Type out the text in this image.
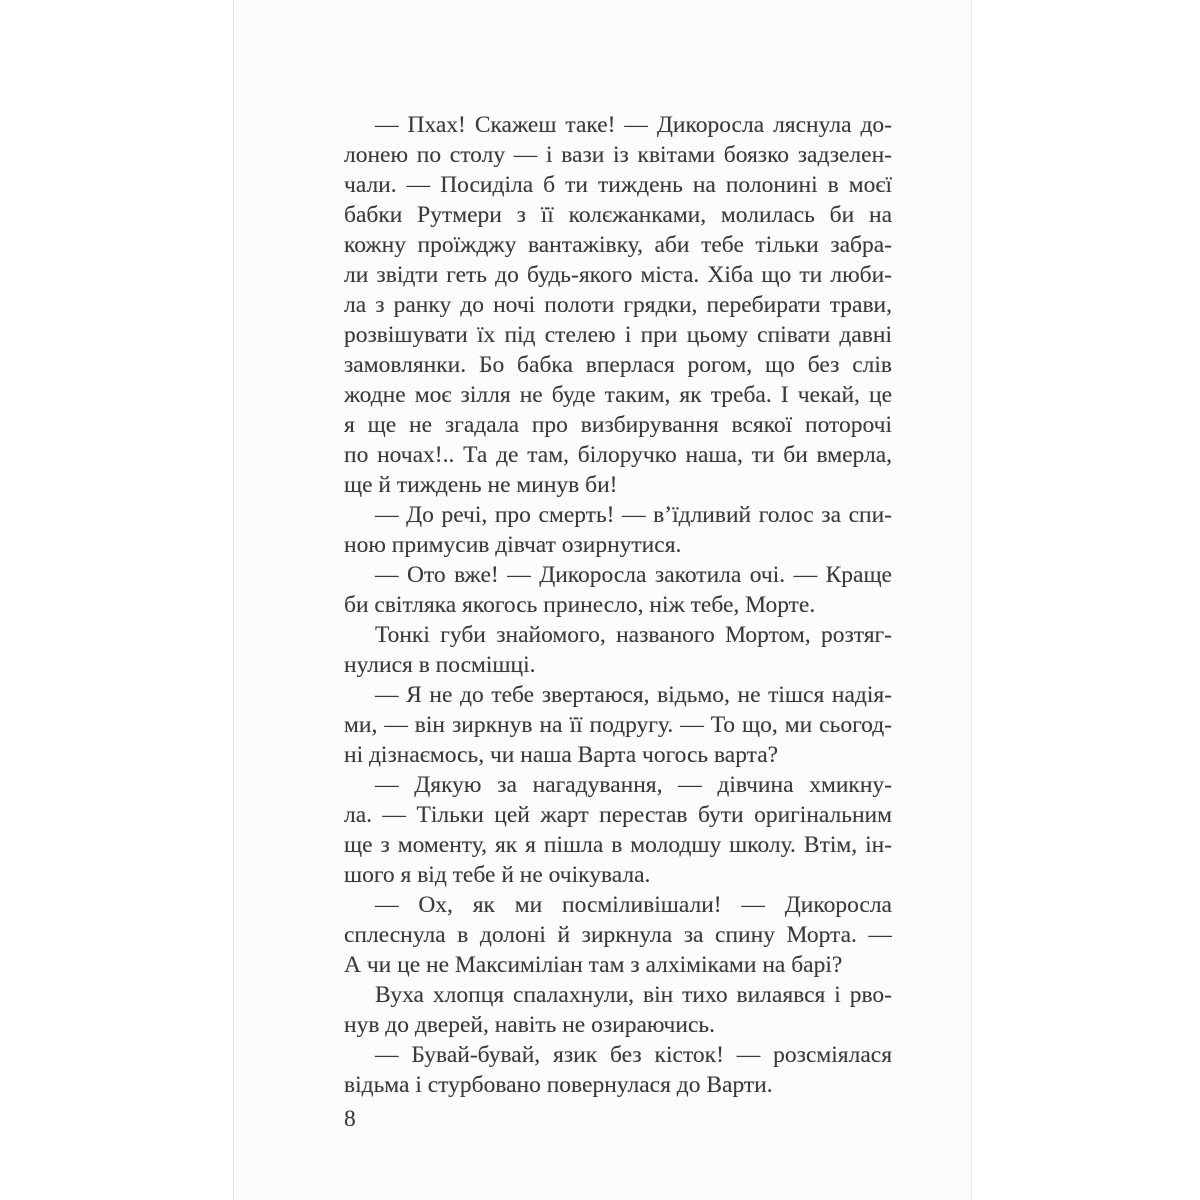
— Пхах! Скажеш таке! — Дикоросла ляснула до-
лонею по столу — і вази із квітами боязко задзелен-
чали. — Посиділа б ти тиждень на полонині в моєї
бабки Рутмери з її колєжанками, молилась би на
кожну проїжджу вантажівку, аби тебе тільки забра-
ли звідти геть до будь-якого міста. Хіба що ти люби-
ла з ранку до ночі полоти грядки, перебирати трави,
розвішувати їх під стелею і при цьому співати давні
замовлянки. Бо бабка вперлася рогом, що без слів
жодне моє зілля не буде таким, як треба. І чекай, це
я ще не згадала про визбирування всякої поторочі
по ночах!.. Та де там, білоручко наша, ти би вмерла,
ще й тиждень не минув би!

— До речі, про смерть! — в’їдливий голос за спи-
ною примусив дівчат озирнутися.

— Ото вже! — Дикоросла закотила очі. — Краще
би світляка якогось принесло, ніж тебе, Морте.

Тонкі губи знайомого, названого Мортом, розтяг-
нулися в посмішці.

— Я не до тебе звертаюся, відьмо, не тішся надія-
ми, — він зиркнув на її подругу. — То що, ми сьогод-
ні дізнаємось, чи наша Варта чогось варта?

— Дякую за нагадування, — дівчина хмикну-
ла. — Тільки цей жарт перестав бути оригінальним
ще з моменту, як я пішла в молодшу школу. Втім, ін-
шого я від тебе й не очікувала.

— Ох, як ми посміливішали! — Дикоросла
сплеснула в долоні й зиркнула за спину Морта. —
А чи це не Максиміліан там з алхіміками на барі?

Вуха хлопця спалахнули, він тихо вилаявся і рво-
нув до дверей, навіть не озираючись.

— Бувай-бувай, язик без кісток! — розсміялася
відьма і стурбовано повернулася до Варти.

8
